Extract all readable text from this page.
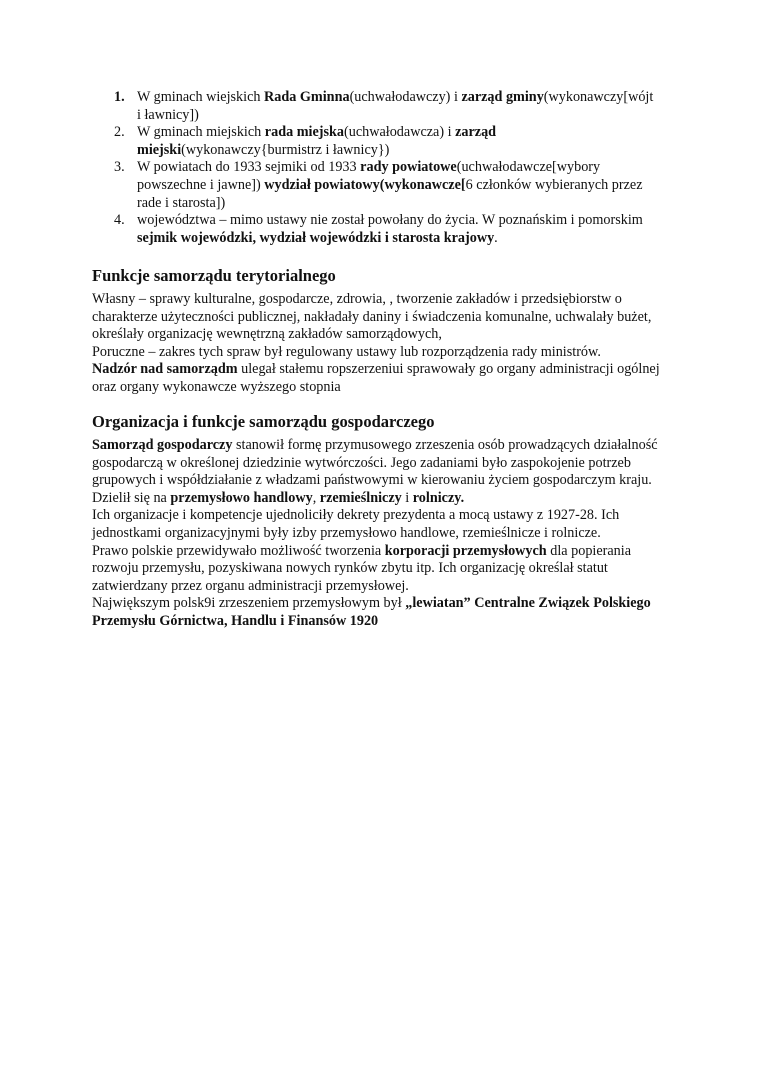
1. W gminach wiejskich Rada Gminna(uchwałodawczy) i zarząd gminy(wykonawczy[wójt i ławnicy])
2. W gminach miejskich rada miejska(uchwałodawcza) i zarząd miejski(wykonawczy{burmistrz i ławnicy})
3. W powiatach do 1933 sejmiki od 1933 rady powiatowe(uchwałodawcze[wybory powszechne i jawne]) wydział powiatowy(wykonawcze[6 członków wybieranych przez rade i starosta])
4. województwa – mimo ustawy nie został powołany do życia. W poznańskim i pomorskim sejmik wojewódzki, wydział wojewódzki i starosta krajowy.
Funkcje samorządu terytorialnego

Własny – sprawy kulturalne, gospodarcze, zdrowia, , tworzenie zakładów i przedsiębiorstw o charakterze użyteczności publicznej, nakładały daniny i świadczenia komunalne, uchwalały bużet, określały organizację wewnętrzną zakładów samorządowych,

Poruczne – zakres tych spraw był regulowany ustawy lub rozporządzenia rady ministrów.

Nadzór nad samorządm ulegał stałemu ropszerzeniui sprawowały go organy administracji ogólnej oraz organy wykonawcze wyższego stopnia

Organizacja i funkcje samorządu gospodarczego

Samorząd gospodarczy stanowił formę przymusowego zrzeszenia osób prowadzących działalność gospodarczą w określonej dziedzinie wytwórczości. Jego zadaniami było zaspokojenie potrzeb grupowych i współdziałanie z władzami państwowymi w kierowaniu życiem gospodarczym kraju. Dzielił się na przemysłowo handlowy, rzemieślniczy i rolniczy.

Ich organizacje i kompetencje ujednoliciły dekrety prezydenta a mocą ustawy z 1927-28. Ich jednostkami organizacyjnymi były izby przemysłowo handlowe, rzemieślnicze i rolnicze.

Prawo polskie przewidywało możliwość tworzenia korporacji przemysłowych dla popierania rozwoju przemysłu, pozyskiwana nowych rynków zbytu itp. Ich organizację określał statut zatwierdzany przez organu administracji przemysłowej.

Największym polsk9i zrzeszeniem przemysłowym był „lewiatan” Centralne Związek Polskiego Przemysłu Górnictwa, Handlu i Finansów 1920
